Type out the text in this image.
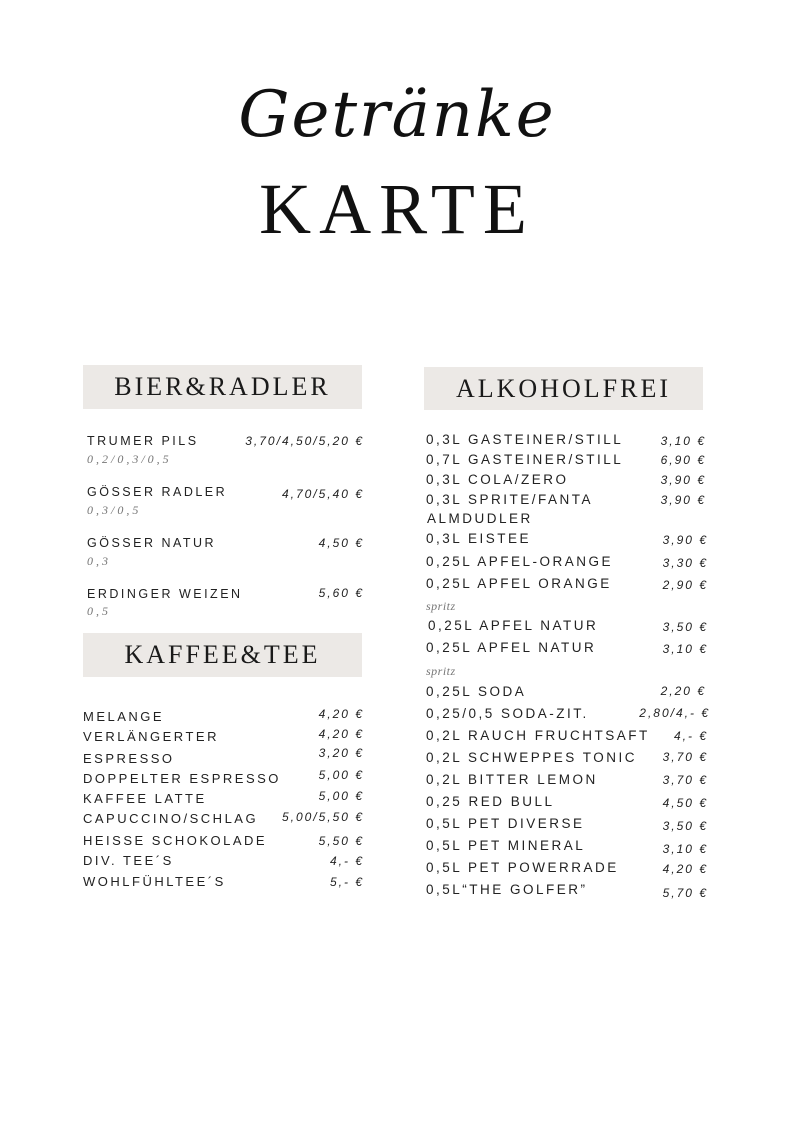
Getränke
KARTE
BIER&RADLER
TRUMER PILS	3,70/4,50/5,20 €
0,2/0,3/0,5
GÖSSER RADLER	4,70/5,40 €
0,3/0,5
GÖSSER NATUR	4,50 €
0,3
ERDINGER WEIZEN	5,60 €
0,5
KAFFEE&TEE
MELANGE	4,20 €
VERLÄNGERTER	4,20 €
ESPRESSO	3,20 €
DOPPELTER ESPRESSO	5,00 €
KAFFEE LATTE	5,00 €
CAPUCCINO/SCHLAG 5,00/5,50 €
HEISSE SCHOKOLADE	5,50 €
DIV. TEE´S	4,- €
WOHLFÜHLTEE´S	5,- €
ALKOHOLFREI
0,3L GASTEINER/STILL	3,10 €
0,7L GASTEINER/STILL	6,90 €
0,3L COLA/ZERO	3,90 €
0,3L SPRITE/FANTA	3,90 €
ALMDUDLER
0,3L EISTEE	3,90 €
0,25L APFEL-ORANGE	3,30 €
0,25L APFEL ORANGE	2,90 €
spritz
0,25L APFEL NATUR	3,50 €
0,25L APFEL NATUR	3,10 €
spritz
0,25L SODA	2,20 €
0,25/0,5 SODA-ZIT.	2,80/4,- €
0,2L RAUCH FRUCHTSAFT 4,- €
0,2L SCHWEPPES TONIC 3,70 €
0,2L BITTER LEMON	3,70 €
0,25 RED BULL	4,50 €
0,5L PET DIVERSE	3,50 €
0,5L PET MINERAL	3,10 €
0,5L PET POWERRADE	4,20 €
0,5L“THE GOLFER”	5,70 €
